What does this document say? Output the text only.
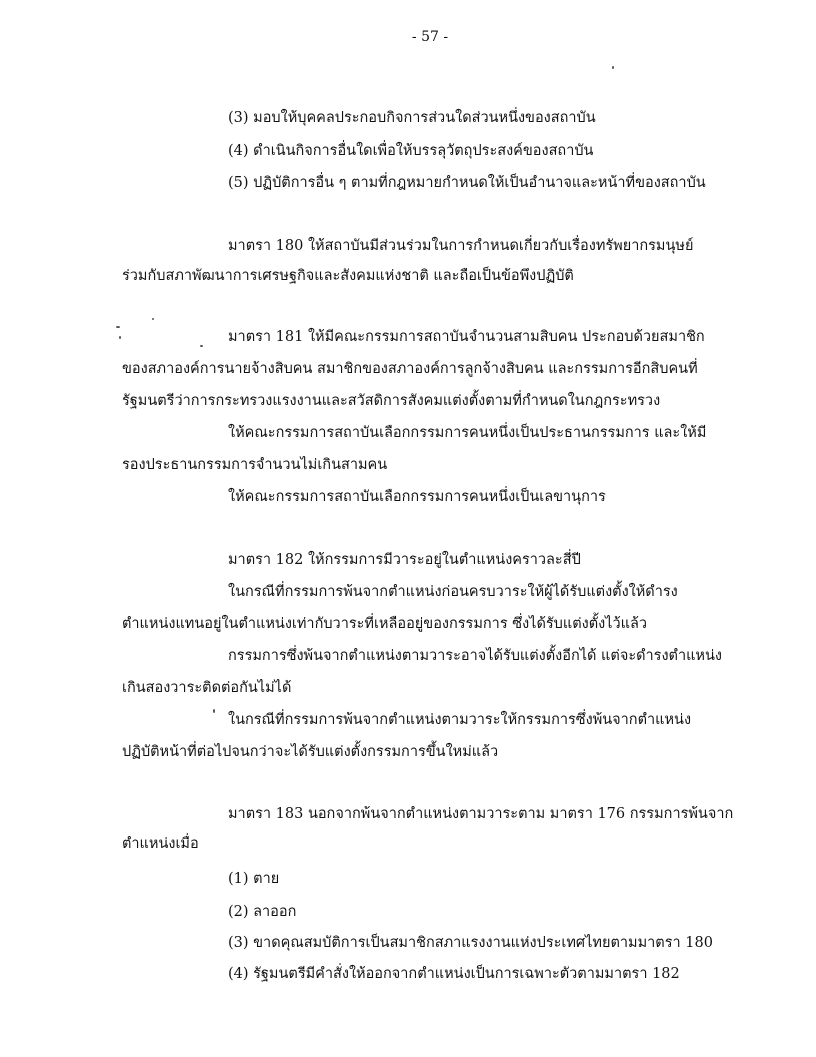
- 57 -
(3) มอบให้บุคคลประกอบกิจการส่วนใดส่วนหนึ่งของสถาบัน
(4) ดำเนินกิจการอื่นใดเพื่อให้บรรลุวัตถุประสงค์ของสถาบัน
(5) ปฏิบัติการอื่น ๆ ตามที่กฎหมายกำหนดให้เป็นอำนาจและหน้าที่ของสถาบัน
มาตรา 180 ให้สถาบันมีส่วนร่วมในการกำหนดเกี่ยวกับเรื่องทรัพยากรมนุษย์
ร่วมกับสภาพัฒนาการเศรษฐกิจและสังคมแห่งชาติ และถือเป็นข้อพึงปฏิบัติ
มาตรา 181 ให้มีคณะกรรมการสถาบันจำนวนสามสิบคน ประกอบด้วยสมาชิก
ของสภาองค์การนายจ้างสิบคน สมาชิกของสภาองค์การลูกจ้างสิบคน และกรรมการอีกสิบคนที่
รัฐมนตรีว่าการกระทรวงแรงงานและสวัสดิการสังคมแต่งตั้งตามที่กำหนดในกฎกระทรวง
ให้คณะกรรมการสถาบันเลือกกรรมการคนหนึ่งเป็นประธานกรรมการ และให้มี
รองประธานกรรมการจำนวนไม่เกินสามคน
ให้คณะกรรมการสถาบันเลือกกรรมการคนหนึ่งเป็นเลขานุการ
มาตรา 182 ให้กรรมการมีวาระอยู่ในตำแหน่งคราวละสี่ปี
ในกรณีที่กรรมการพ้นจากตำแหน่งก่อนครบวาระให้ผู้ได้รับแต่งตั้งให้ดำรง
ตำแหน่งแทนอยู่ในตำแหน่งเท่ากับวาระที่เหลืออยู่ของกรรมการ ซึ่งได้รับแต่งตั้งไว้แล้ว
กรรมการซึ่งพ้นจากตำแหน่งตามวาระอาจได้รับแต่งตั้งอีกได้ แต่จะดำรงตำแหน่ง
เกินสองวาระติดต่อกันไม่ได้
ในกรณีที่กรรมการพ้นจากตำแหน่งตามวาระให้กรรมการซึ่งพ้นจากตำแหน่ง
ปฏิบัติหน้าที่ต่อไปจนกว่าจะได้รับแต่งตั้งกรรมการขึ้นใหม่แล้ว
มาตรา 183 นอกจากพ้นจากตำแหน่งตามวาระตาม มาตรา 176 กรรมการพ้นจาก
ตำแหน่งเมื่อ
(1) ตาย
(2) ลาออก
(3) ขาดคุณสมบัติการเป็นสมาชิกสภาแรงงานแห่งประเทศไทยตามมาตรา 180
(4) รัฐมนตรีมีคำสั่งให้ออกจากตำแหน่งเป็นการเฉพาะตัวตามมาตรา 182
